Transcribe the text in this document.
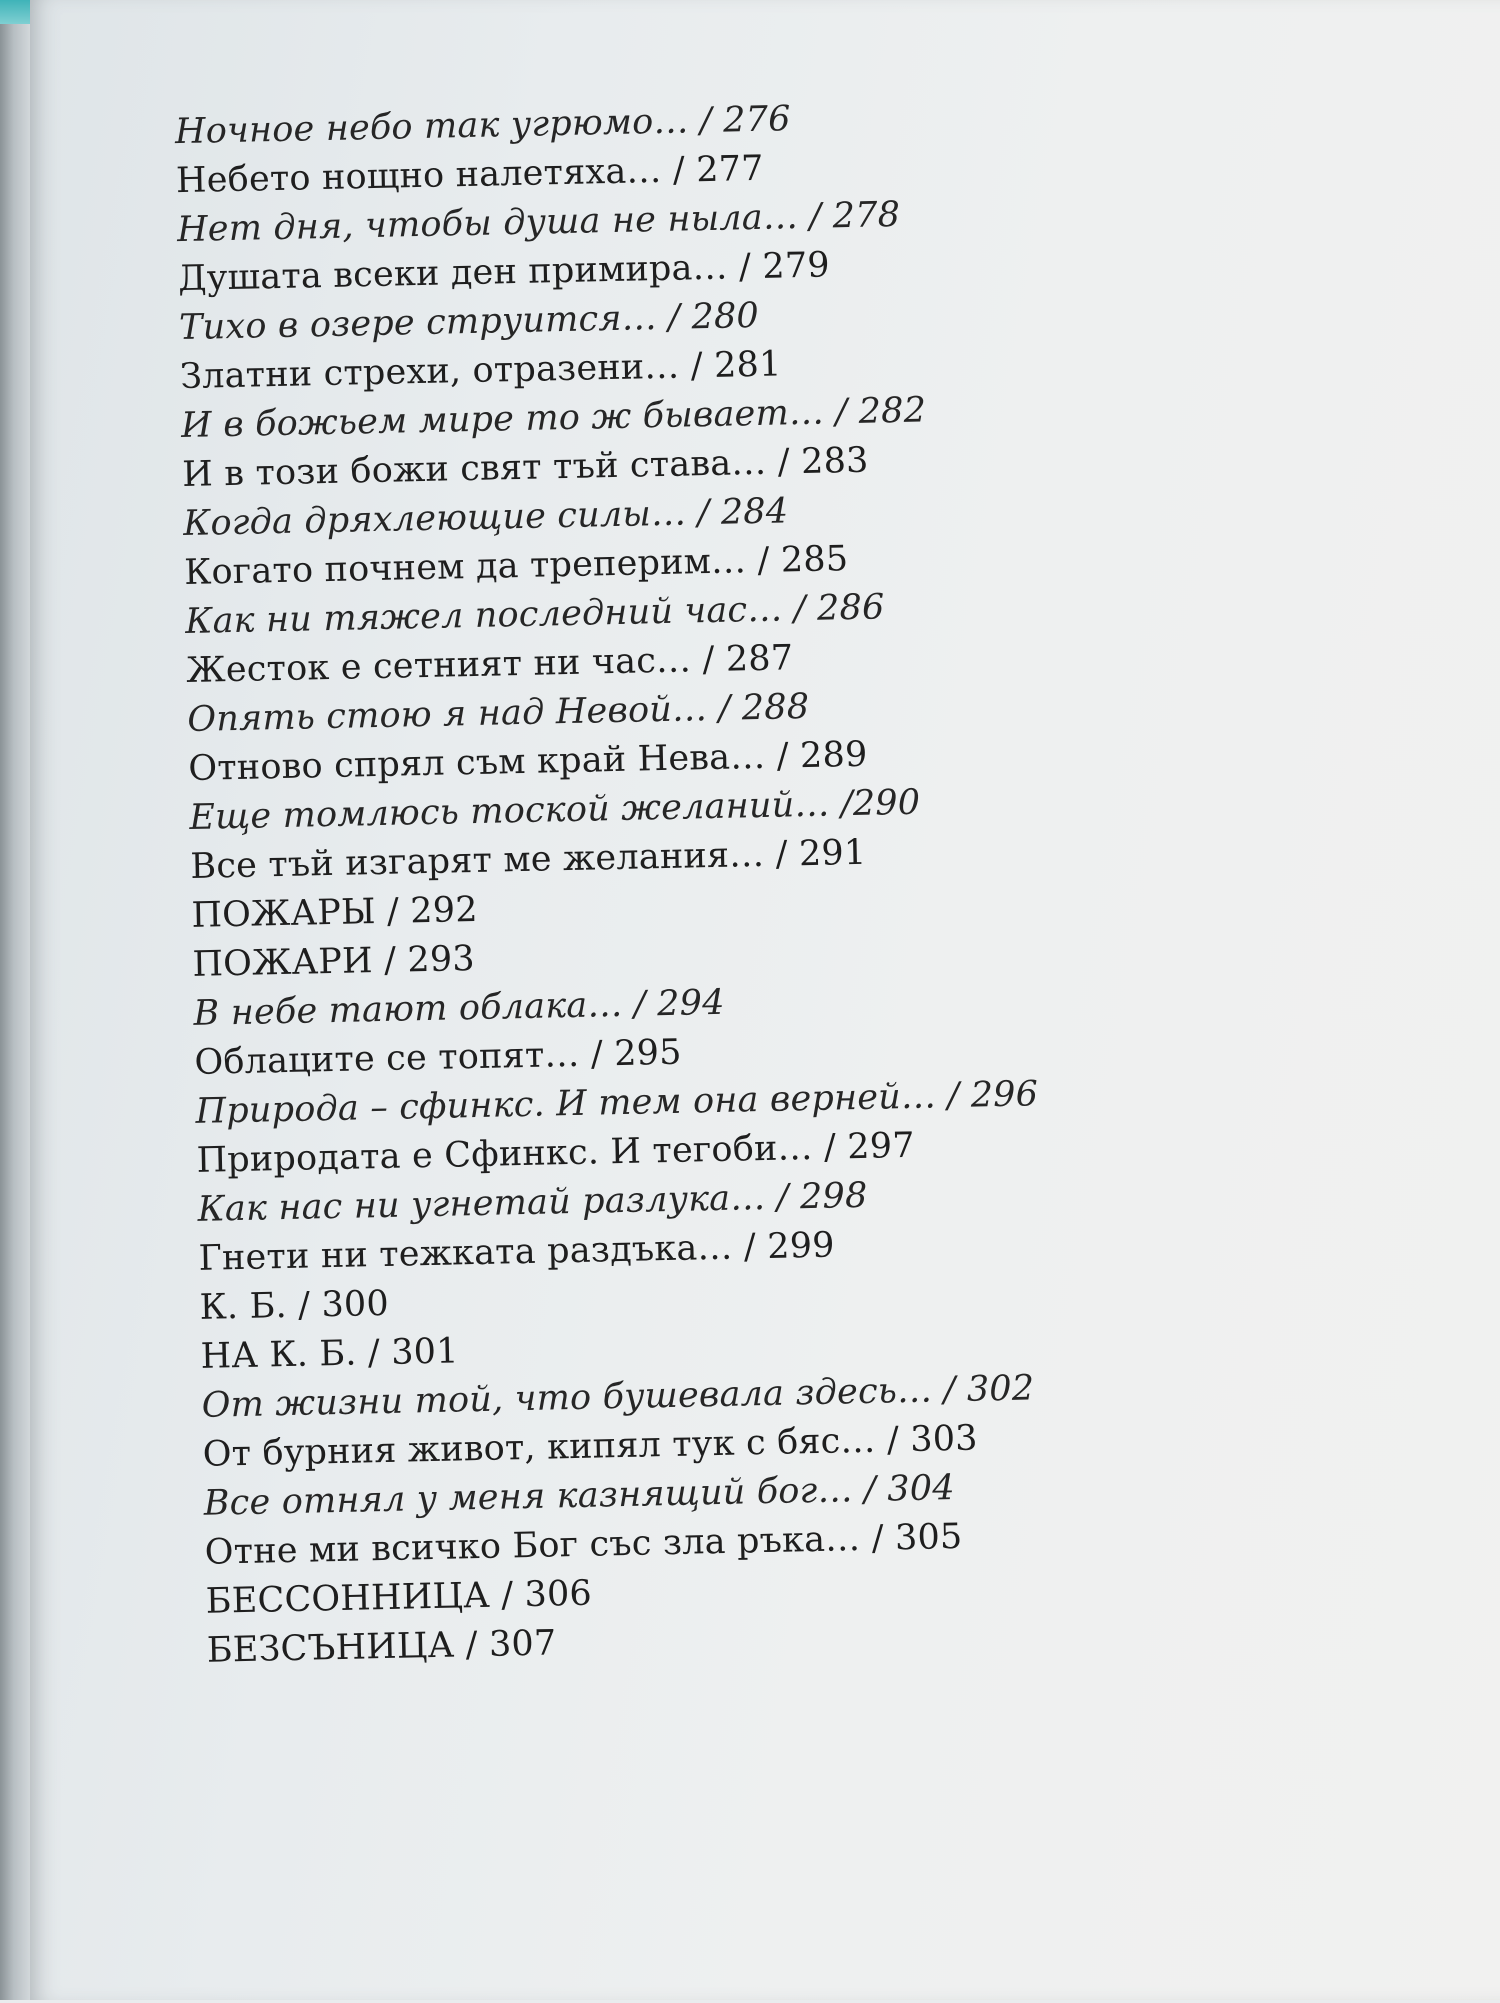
Ночное небо так угрюмо… / 276
Небето нощно налетяха… / 277
Нет дня, чтобы душа не ныла… / 278
Душата всеки ден примира… / 279
Тихо в озере струится… / 280
Златни стрехи, отразени… / 281
И в божьем мире то ж бывает… / 282
И в този божи свят тъй става… / 283
Когда дряхлеющие силы… / 284
Когато почнем да треперим… / 285
Как ни тяжел последний час… / 286
Жесток е сетният ни час… / 287
Опять стою я над Невой… / 288
Отново спрял съм край Нева… / 289
Еще томлюсь тоской желаний… /290
Все тъй изгарят ме желания… / 291
ПОЖАРЫ / 292
ПОЖАРИ / 293
В небе тают облака… / 294
Облаците се топят… / 295
Природа – сфинкс. И тем она верней… / 296
Природата е Сфинкс. И тегоби… / 297
Как нас ни угнетай разлука… / 298
Гнети ни тежката раздъка… / 299
К. Б. / 300
НА К. Б. / 301
От жизни той, что бушевала здесь… / 302
От бурния живот, кипял тук с бяс… / 303
Все отнял у меня казнящий бог… / 304
Отне ми всичко Бог със зла ръка… / 305
БЕССОННИЦА / 306
БЕЗСЪНИЦА / 307
